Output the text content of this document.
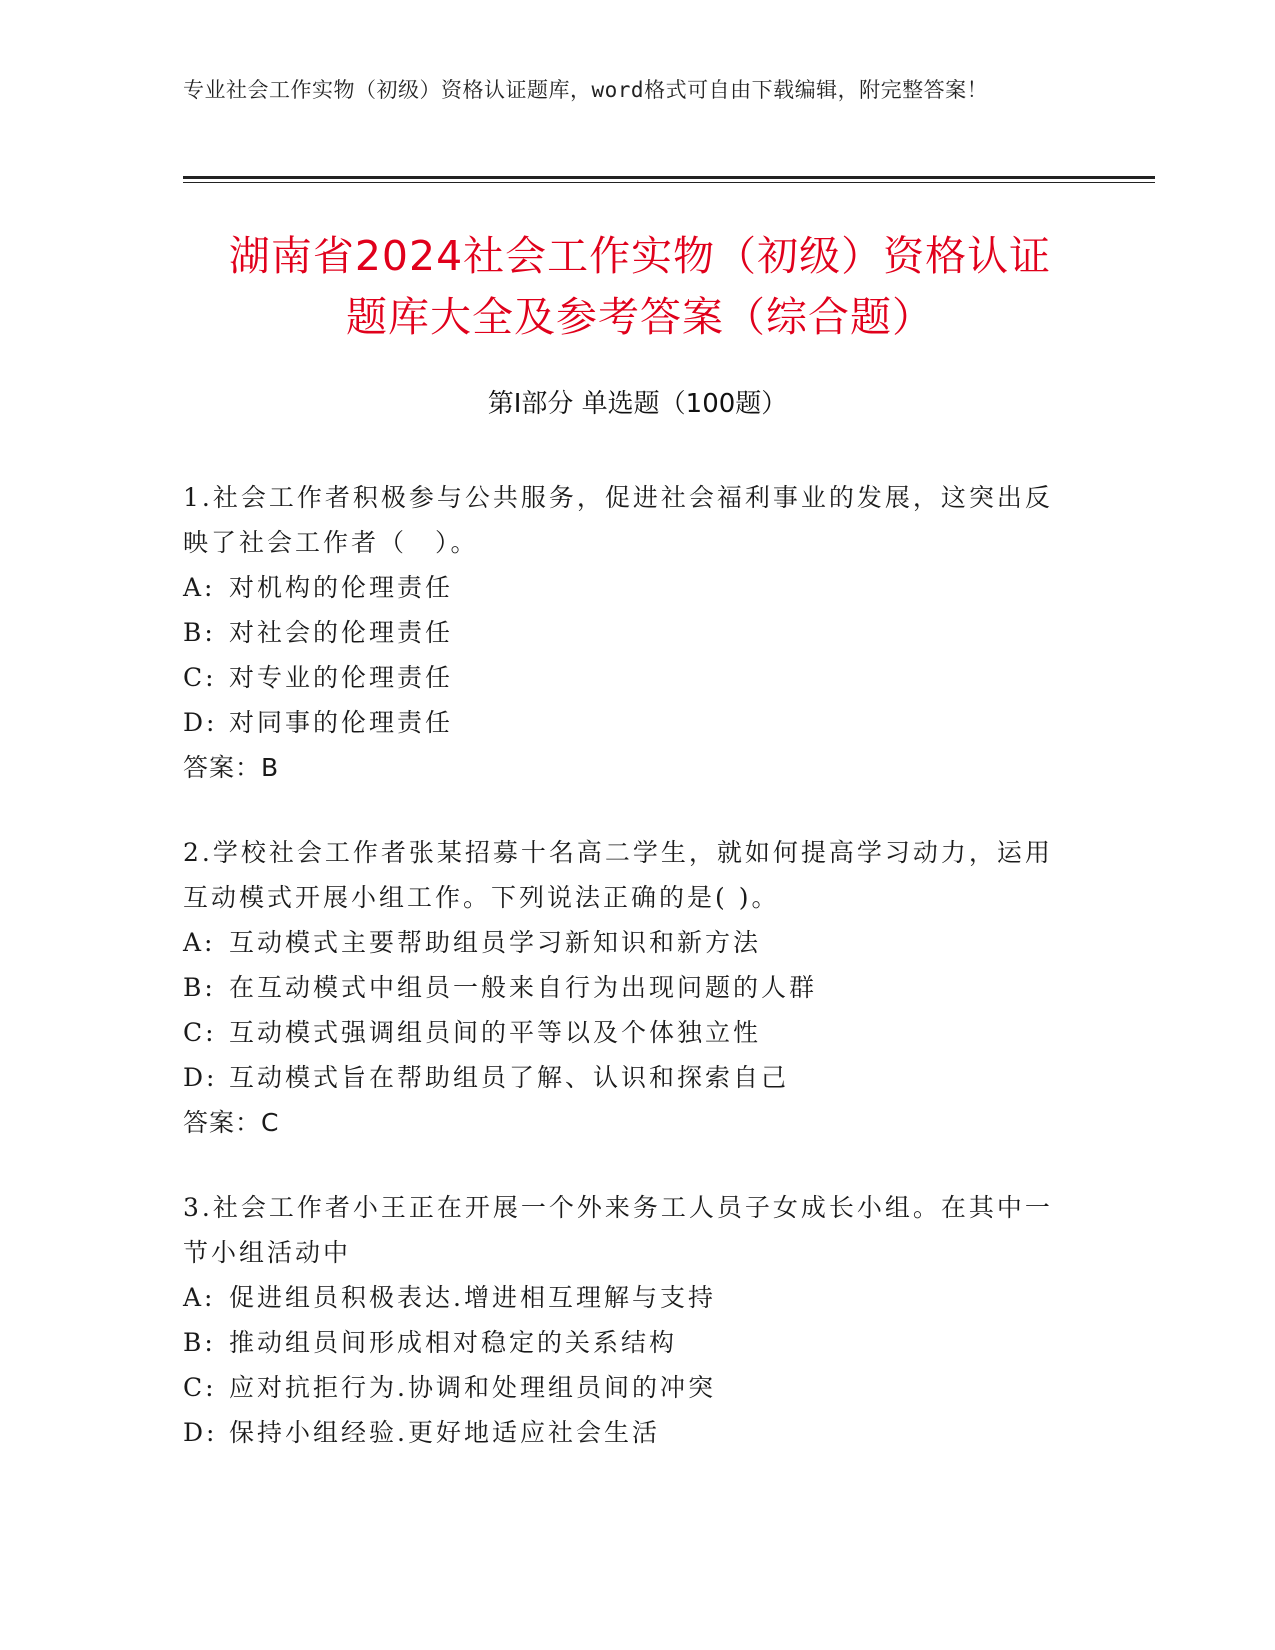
专业社会工作实物（初级）资格认证题库，word格式可自由下载编辑，附完整答案！
湖南省2024社会工作实物（初级）资格认证
题库大全及参考答案（综合题）
第Ⅰ部分 单选题（100题）

1.社会工作者积极参与公共服务，促进社会福利事业的发展，这突出反映了社会工作者（　）。

A: 对机构的伦理责任

B: 对社会的伦理责任

C: 对专业的伦理责任

D: 对同事的伦理责任

答案：B

2.学校社会工作者张某招募十名高二学生，就如何提高学习动力，运用互动模式开展小组工作。下列说法正确的是( )。

A: 互动模式主要帮助组员学习新知识和新方法

B: 在互动模式中组员一般来自行为出现问题的人群

C: 互动模式强调组员间的平等以及个体独立性

D: 互动模式旨在帮助组员了解、认识和探索自己

答案：C

3.社会工作者小王正在开展一个外来务工人员子女成长小组。在其中一节小组活动中

A: 促进组员积极表达.增进相互理解与支持

B: 推动组员间形成相对稳定的关系结构

C: 应对抗拒行为.协调和处理组员间的冲突

D: 保持小组经验.更好地适应社会生活
